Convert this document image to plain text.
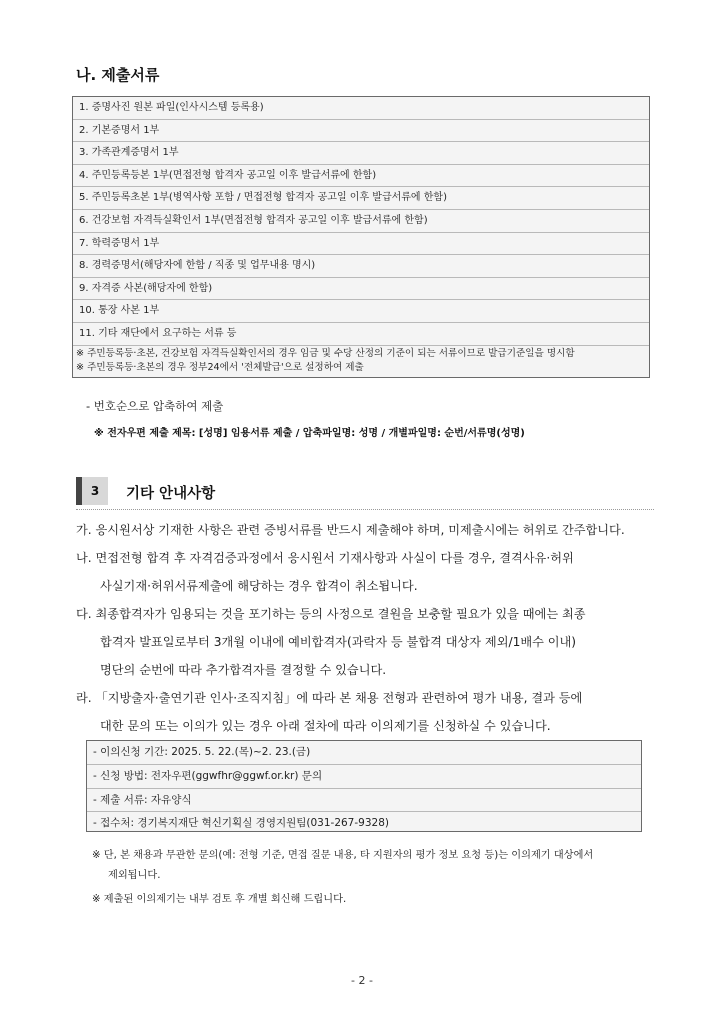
나. 제출서류
1. 증명사진 원본 파일(인사시스템 등록용)
2. 기본증명서 1부
3. 가족관계증명서 1부
4. 주민등록등본 1부(면접전형 합격자 공고일 이후 발급서류에 한함)
5. 주민등록초본 1부(병역사항 포함 / 면접전형 합격자 공고일 이후 발급서류에 한함)
6. 건강보험 자격득실확인서 1부(면접전형 합격자 공고일 이후 발급서류에 한함)
7. 학력증명서 1부
8. 경력증명서(해당자에 한함 / 직종 및 업무내용 명시)
9. 자격증 사본(해당자에 한함)
10. 통장 사본 1부
11. 기타 재단에서 요구하는 서류 등
※ 주민등록등·초본, 건강보험 자격득실확인서의 경우 임금 및 수당 산정의 기준이 되는 서류이므로 발급기준일을 명시함
※ 주민등록등·초본의 경우 정부24에서 '전체발급'으로 설정하여 제출
- 번호순으로 압축하여 제출
※ 전자우편 제출 제목: [성명] 임용서류 제출 / 압축파일명: 성명 / 개별파일명: 순번/서류명(성명)
3	기타 안내사항
가. 응시원서상 기재한 사항은 관련 증빙서류를 반드시 제출해야 하며, 미제출시에는 허위로 간주합니다.
나. 면접전형 합격 후 자격검증과정에서 응시원서 기재사항과 사실이 다를 경우, 결격사유·허위
사실기재·허위서류제출에 해당하는 경우 합격이 취소됩니다.
다. 최종합격자가 임용되는 것을 포기하는 등의 사정으로 결원을 보충할 필요가 있을 때에는 최종
합격자 발표일로부터 3개월 이내에 예비합격자(과락자 등 불합격 대상자 제외/1배수 이내)
명단의 순번에 따라 추가합격자를 결정할 수 있습니다.
라. 「지방출자·출연기관 인사·조직지침」에 따라 본 채용 전형과 관련하여 평가 내용, 결과 등에
대한 문의 또는 이의가 있는 경우 아래 절차에 따라 이의제기를 신청하실 수 있습니다.
- 이의신청 기간: 2025. 5. 22.(목)~2. 23.(금)
- 신청 방법: 전자우편(ggwfhr@ggwf.or.kr) 문의
- 제출 서류: 자유양식
- 접수처: 경기복지재단 혁신기획실 경영지원팀(031-267-9328)
※ 단, 본 채용과 무관한 문의(예: 전형 기준, 면접 질문 내용, 타 지원자의 평가 정보 요청 등)는 이의제기 대상에서
제외됩니다.
※ 제출된 이의제기는 내부 검토 후 개별 회신해 드립니다.
- 2 -
